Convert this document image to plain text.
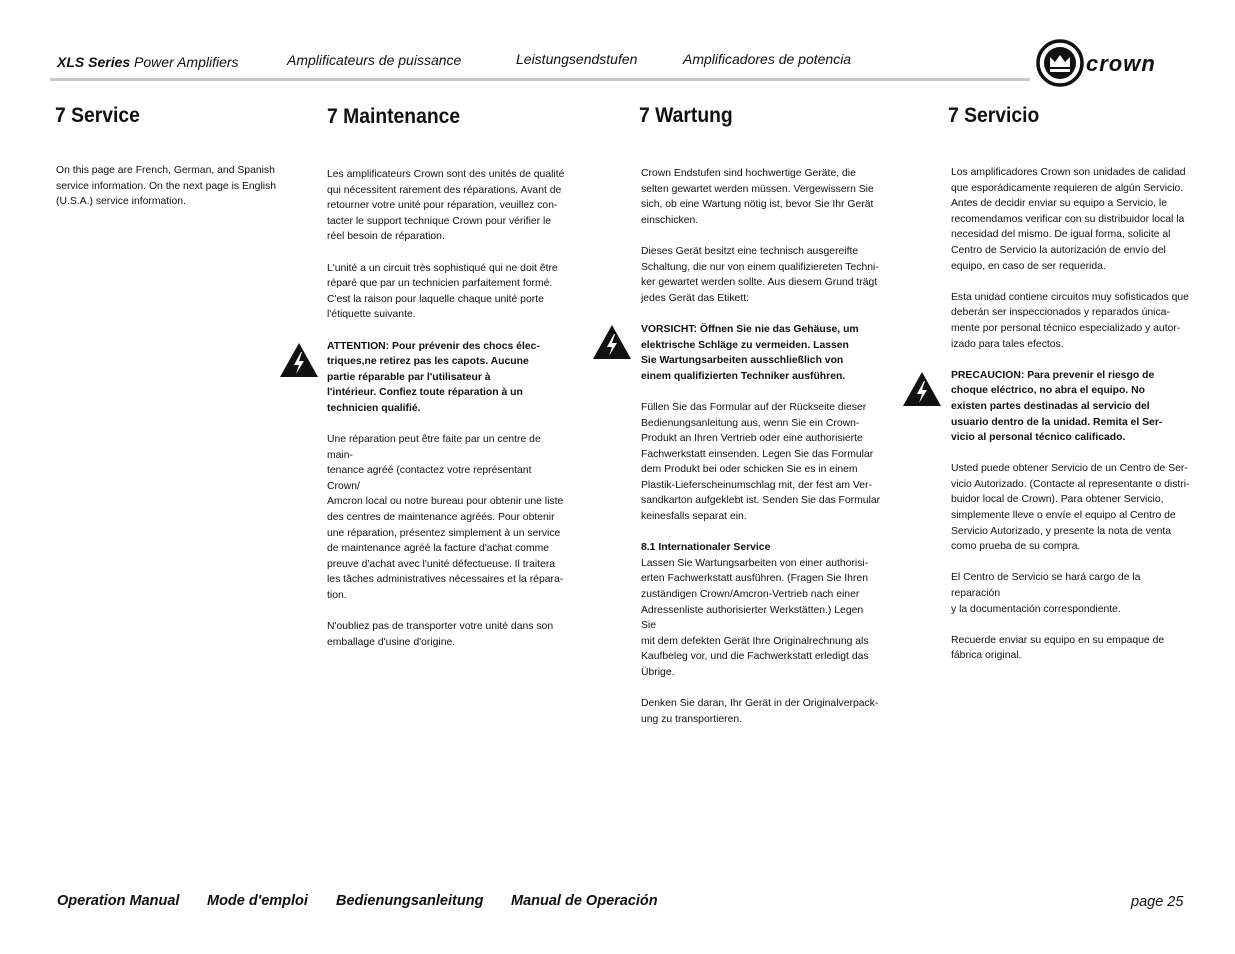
XLS Series Power Amplifiers	Amplificateurs de puissance	Leistungsendstufen	Amplificadores de potencia	crown
7 Service	7 Maintenance	7 Wartung	7 Servicio

On this page are French, German, and Spanish
service information. On the next page is English
(U.S.A.) service information.

Les amplificateurs Crown sont des unités de qualité
qui nécessitent rarement des réparations. Avant de
retourner votre unité pour réparation, veuillez con-
tacter le support technique Crown pour vérifier le
réel besoin de réparation.

L'unité a un circuit très sophistiqué qui ne doit être
réparé que par un technicien parfaitement formé.
C'est la raison pour laquelle chaque unité porte
l'étiquette suivante.

ATTENTION: Pour prévenir des chocs élec-
triques,ne retirez pas les capots. Aucune
partie réparable par l'utilisateur à
l'intérieur. Confiez toute réparation à un
technicien qualifié.

Une réparation peut être faite par un centre de main-
tenance agréé (contactez votre représentant Crown/
Amcron local ou notre bureau pour obtenir une liste
des centres de maintenance agréés. Pour obtenir
une réparation, présentez simplement à un service
de maintenance agréé la facture d'achat comme
preuve d'achat avec l'unité défectueuse. Il traitera
les tâches administratives nécessaires et la répara-
tion.

N'oubliez pas de transporter votre unité dans son
emballage d'usine d'origine.

Crown Endstufen sind hochwertige Geräte, die
selten gewartet werden müssen. Vergewissern Sie
sich, ob eine Wartung nötig ist, bevor Sie Ihr Gerät
einschicken.

Dieses Gerät besitzt eine technisch ausgereifte
Schaltung, die nur von einem qualifiziereten Techni-
ker gewartet werden sollte. Aus diesem Grund trägt
jedes Gerät das Etikett:

VORSICHT: Öffnen Sie nie das Gehäuse, um
elektrische Schläge zu vermeiden. Lassen
Sie Wartungsarbeiten ausschließlich von
einem qualifizierten Techniker ausführen.

Füllen Sie das Formular auf der Rückseite dieser
Bedienungsanleitung aus, wenn Sie ein Crown-
Produkt an Ihren Vertrieb oder eine authorisierte
Fachwerkstatt einsenden. Legen Sie das Formular
dem Produkt bei oder schicken Sie es in einem
Plastik-Lieferscheinumschlag mit, der fest am Ver-
sandkarton aufgeklebt ist. Senden Sie das Formular
keinesfalls separat ein.

8.1 Internationaler Service

Lassen Sie Wartungsarbeiten von einer authorisi-
erten Fachwerkstatt ausführen. (Fragen Sie Ihren
zuständigen Crown/Amcron-Vertrieb nach einer
Adressenliste authorisierter Werkstätten.) Legen Sie
mit dem defekten Gerät Ihre Originalrechnung als
Kaufbeleg vor, und die Fachwerkstatt erledigt das
Übrige.

Denken Sie daran, Ihr Gerät in der Originalverpack-
ung zu transportieren.

Los amplificadores Crown son unidades de calidad
que esporádicamente requieren de algún Servicio.
Antes de decidir enviar su equipo a Servicio, le
recomendamos verificar con su distribuidor local la
necesidad del mismo. De igual forma, solicite al
Centro de Servicio la autorización de envío del
equipo, en caso de ser requerida.

Esta unidad contiene circuitos muy sofisticados que
deberán ser inspeccionados y reparados única-
mente por personal técnico especializado y autor-
izado para tales efectos.

PRECAUCION: Para prevenir el riesgo de
choque eléctrico, no abra el equipo. No
existen partes destinadas al servicio del
usuario dentro de la unidad. Remita el Ser-
vicio al personal técnico calificado.

Usted puede obtener Servicio de un Centro de Ser-
vicio Autorizado. (Contacte al representante o distri-
buidor local de Crown). Para obtener Servicio,
simplemente lleve o envíe el equipo al Centro de
Servicio Autorizado, y presente la nota de venta
como prueba de su compra.

El Centro de Servicio se hará cargo de la reparación
y la documentación correspondiente.

Recuerde enviar su equipo en su empaque de
fábrica original.

Operation Manual Mode d'emploi Bedienungsanleitung Manual de Operación	page 25
